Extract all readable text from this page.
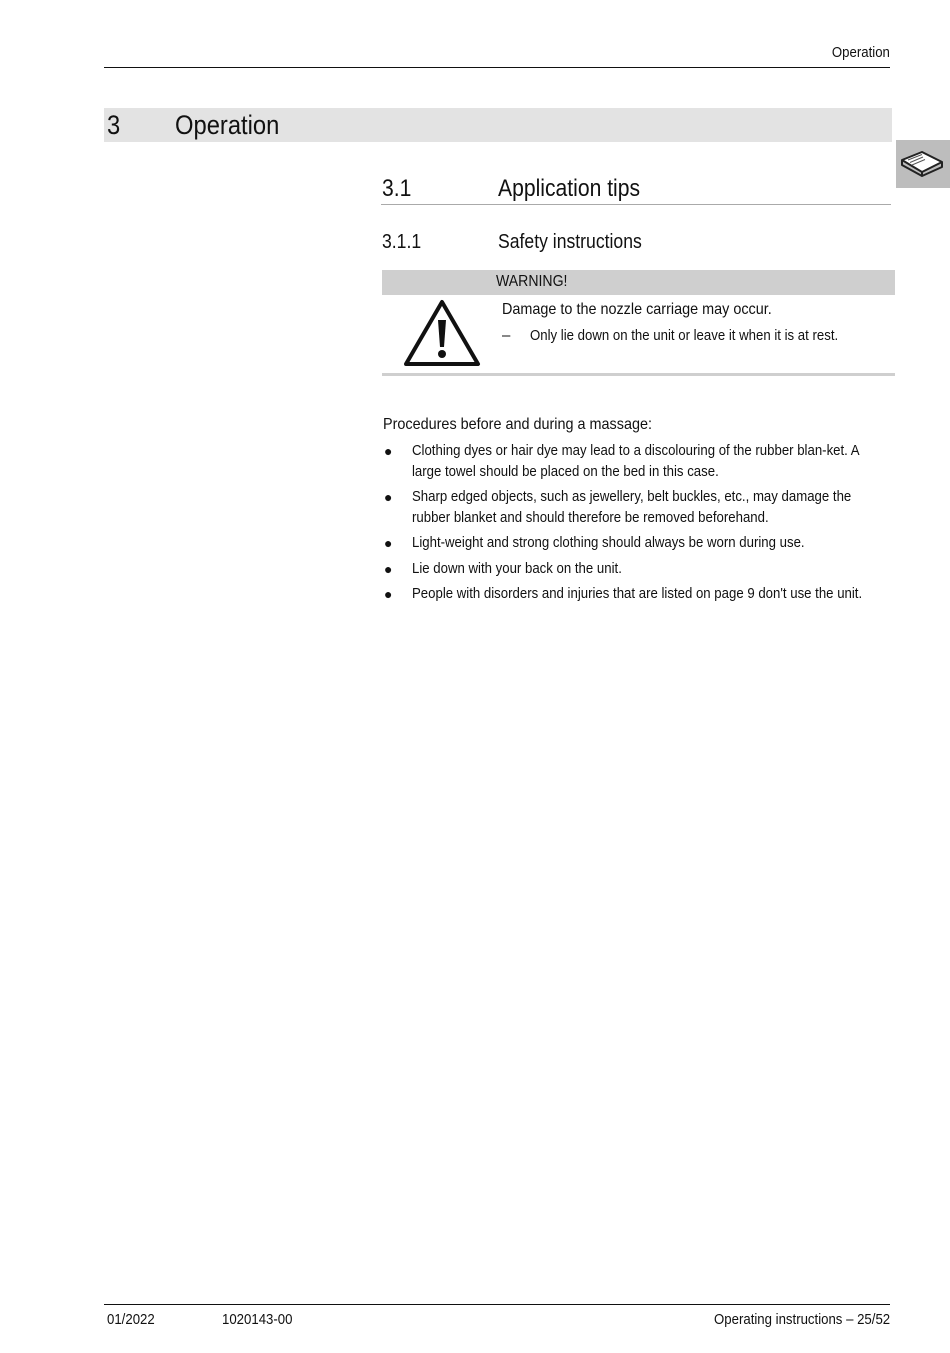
Operation
3 Operation
3.1	Application tips
3.1.1	Safety instructions
WARNING!
Damage to the nozzle carriage may occur.
– Only lie down on the unit or leave it when it is at rest.
Procedures before and during a massage:
● Clothing dyes or hair dye may lead to a discolouring of the rubber blan-ket. A large towel should be placed on the bed in this case.
● Sharp edged objects, such as jewellery, belt buckles, etc., may damage the rubber blanket and should therefore be removed beforehand.
● Light-weight and strong clothing should always be worn during use.
● Lie down with your back on the unit.
● People with disorders and injuries that are listed on page 9 don't use the unit.
01/2022	1020143-00	Operating instructions – 25/52
